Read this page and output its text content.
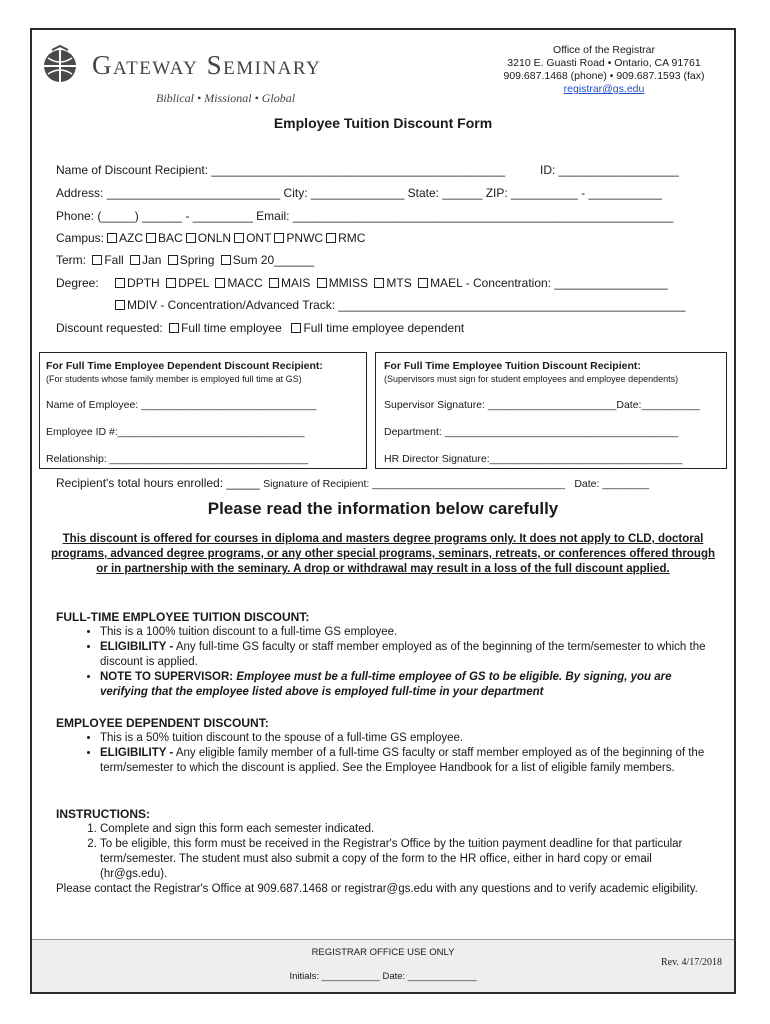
Gateway Seminary
Biblical • Missional • Global
Office of the Registrar
3210 E. Guasti Road • Ontario, CA 91761
909.687.1468 (phone) • 909.687.1593 (fax)
registrar@gs.edu
Employee Tuition Discount Form
Name of Discount Recipient: ____________________________________________	ID: __________________
Address: __________________________ City: ______________ State: ______ ZIP: __________ - ___________
Phone: (_____) ______ - _________ Email: _________________________________________________________
Campus: AZC BAC ONLN ONT PNWC RMC
Term: Fall Jan Spring Sum 20______
Degree: DPTH DPEL MACC MAIS MMISS MTS MAEL - Concentration: _________________
MDIV - Concentration/Advanced Track: ____________________________________________________
Discount requested: Full time employee Full time employee dependent
For Full Time Employee Dependent Discount Recipient:
(For students whose family member is employed full time at GS)
Name of Employee: ______________________________
Employee ID #:________________________________
Relationship: __________________________________
For Full Time Employee Tuition Discount Recipient:
(Supervisors must sign for student employees and employee dependents)
Supervisor Signature: ______________________Date:__________
Department: ________________________________________
HR Director Signature:_________________________________
Recipient's total hours enrolled: _____ Signature of Recipient: _________________________________ Date: ________
Please read the information below carefully
This discount is offered for courses in diploma and masters degree programs only. It does not apply to CLD, doctoral programs, advanced degree programs, or any other special programs, seminars, retreats, or conferences offered through or in partnership with the seminary. A drop or withdrawal may result in a loss of the full discount applied.
FULL-TIME EMPLOYEE TUITION DISCOUNT:
• This is a 100% tuition discount to a full-time GS employee.
• ELIGIBILITY - Any full-time GS faculty or staff member employed as of the beginning of the term/semester to which the discount is applied.
• NOTE TO SUPERVISOR: Employee must be a full-time employee of GS to be eligible. By signing, you are verifying that the employee listed above is employed full-time in your department
EMPLOYEE DEPENDENT DISCOUNT:
• This is a 50% tuition discount to the spouse of a full-time GS employee.
• ELIGIBILITY - Any eligible family member of a full-time GS faculty or staff member employed as of the beginning of the term/semester to which the discount is applied. See the Employee Handbook for a list of eligible family members.
INSTRUCTIONS:
1. Complete and sign this form each semester indicated.
2. To be eligible, this form must be received in the Registrar's Office by the tuition payment deadline for that particular term/semester. The student must also submit a copy of the form to the HR office, either in hard copy or email (hr@gs.edu).
Please contact the Registrar's Office at 909.687.1468 or registrar@gs.edu with any questions and to verify academic eligibility.
REGISTRAR OFFICE USE ONLY
Initials: ___________ Date: _____________
Rev. 4/17/2018
